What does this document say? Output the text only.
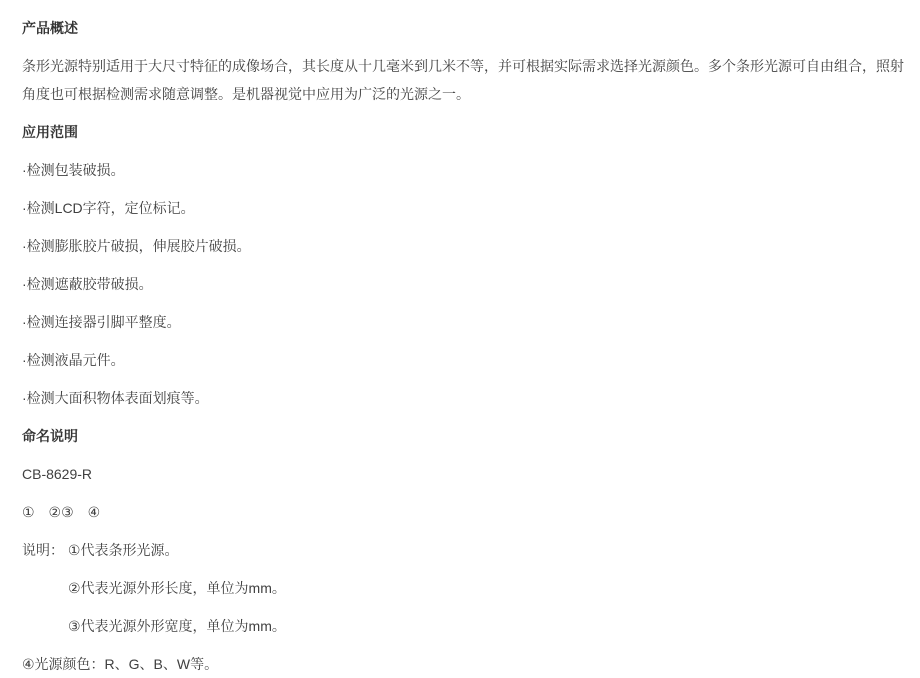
产品概述

条形光源特别适用于大尺寸特征的成像场合，其长度从十几毫米到几米不等，并可根据实际需求选择光源颜色。多个条形光源可自由组合，照射角度也可根据检测需求随意调整。是机器视觉中应用为广泛的光源之一。

应用范围

·检测包装破损。

·检测LCD字符，定位标记。

·检测膨胀胶片破损，伸展胶片破损。

·检测遮蔽胶带破损。

·检测连接器引脚平整度。

·检测液晶元件。

·检测大面积物体表面划痕等。

命名说明

CB-8629-R

①　②③　④

说明： ①代表条形光源。

②代表光源外形长度，单位为mm。

③代表光源外形宽度，单位为mm。

④光源颜色：R、G、B、W等。
